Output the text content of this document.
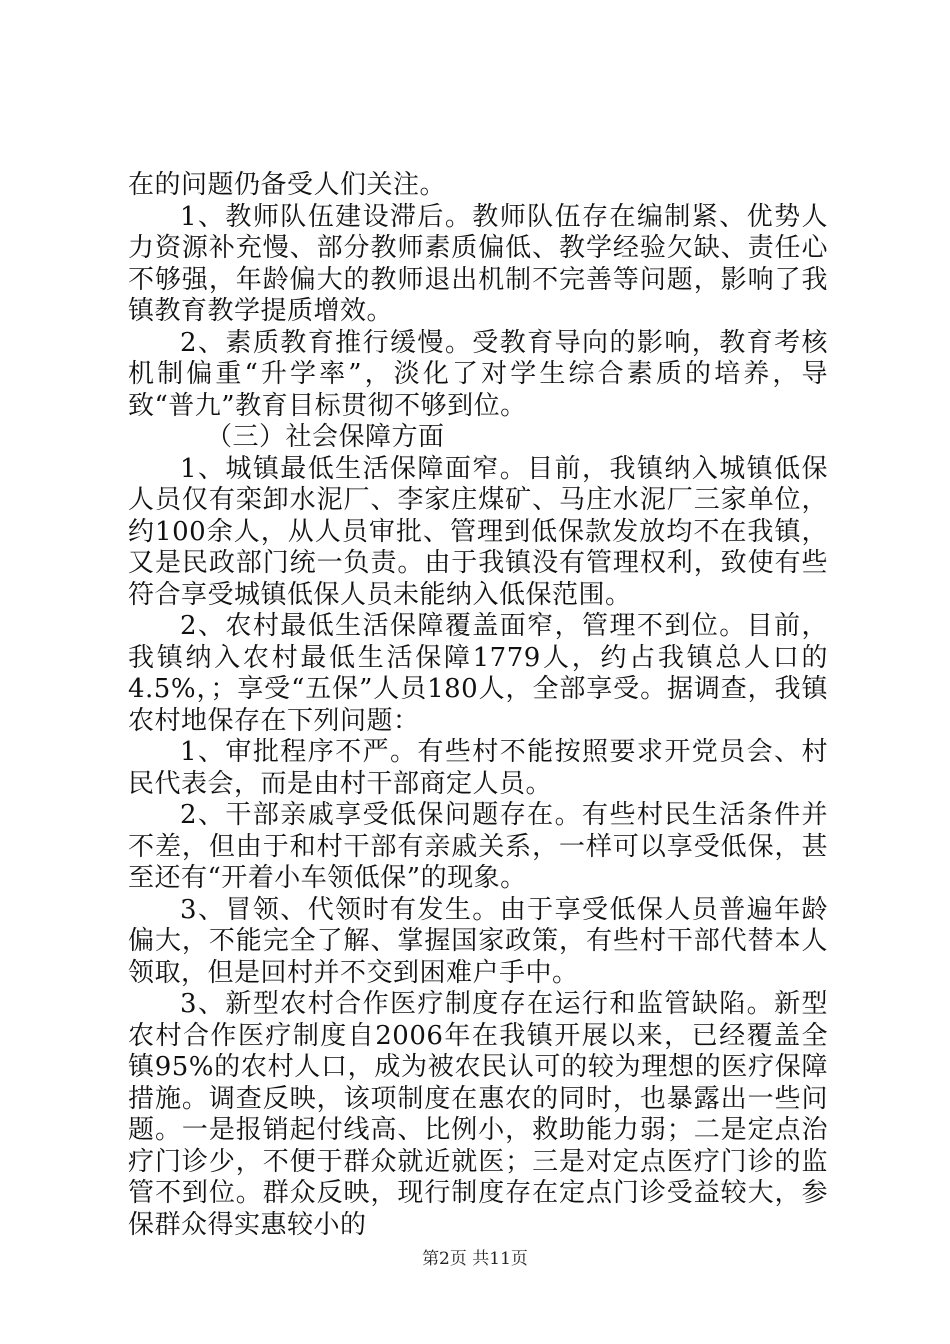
在的问题仍备受人们关注。

1、教师队伍建设滞后。教师队伍存在编制紧、优势人力资源补充慢、部分教师素质偏低、教学经验欠缺、责任心不够强，年龄偏大的教师退出机制不完善等问题，影响了我镇教育教学提质增效。

2、素质教育推行缓慢。受教育导向的影响，教育考核机制偏重“升学率”，淡化了对学生综合素质的培养，导致“普九”教育目标贯彻不够到位。

（三）社会保障方面

1、城镇最低生活保障面窄。目前，我镇纳入城镇低保人员仅有栾卸水泥厂、李家庄煤矿、马庄水泥厂三家单位，约100余人，从人员审批、管理到低保款发放均不在我镇，又是民政部门统一负责。由于我镇没有管理权利，致使有些符合享受城镇低保人员未能纳入低保范围。

2、农村最低生活保障覆盖面窄，管理不到位。目前，我镇纳入农村最低生活保障1779人，约占我镇总人口的4.5%，；享受“五保”人员180人，全部享受。据调查，我镇农村地保存在下列问题：

1、审批程序不严。有些村不能按照要求开党员会、村民代表会，而是由村干部商定人员。

2、干部亲戚享受低保问题存在。有些村民生活条件并不差，但由于和村干部有亲戚关系，一样可以享受低保，甚至还有“开着小车领低保”的现象。

3、冒领、代领时有发生。由于享受低保人员普遍年龄偏大，不能完全了解、掌握国家政策，有些村干部代替本人领取，但是回村并不交到困难户手中。

3、新型农村合作医疗制度存在运行和监管缺陷。新型农村合作医疗制度自2006年在我镇开展以来，已经覆盖全镇95%的农村人口，成为被农民认可的较为理想的医疗保障措施。调查反映，该项制度在惠农的同时，也暴露出一些问题。一是报销起付线高、比例小，救助能力弱；二是定点治疗门诊少，不便于群众就近就医；三是对定点医疗门诊的监管不到位。群众反映，现行制度存在定点门诊受益较大，参保群众得实惠较小的

第2页 共11页
